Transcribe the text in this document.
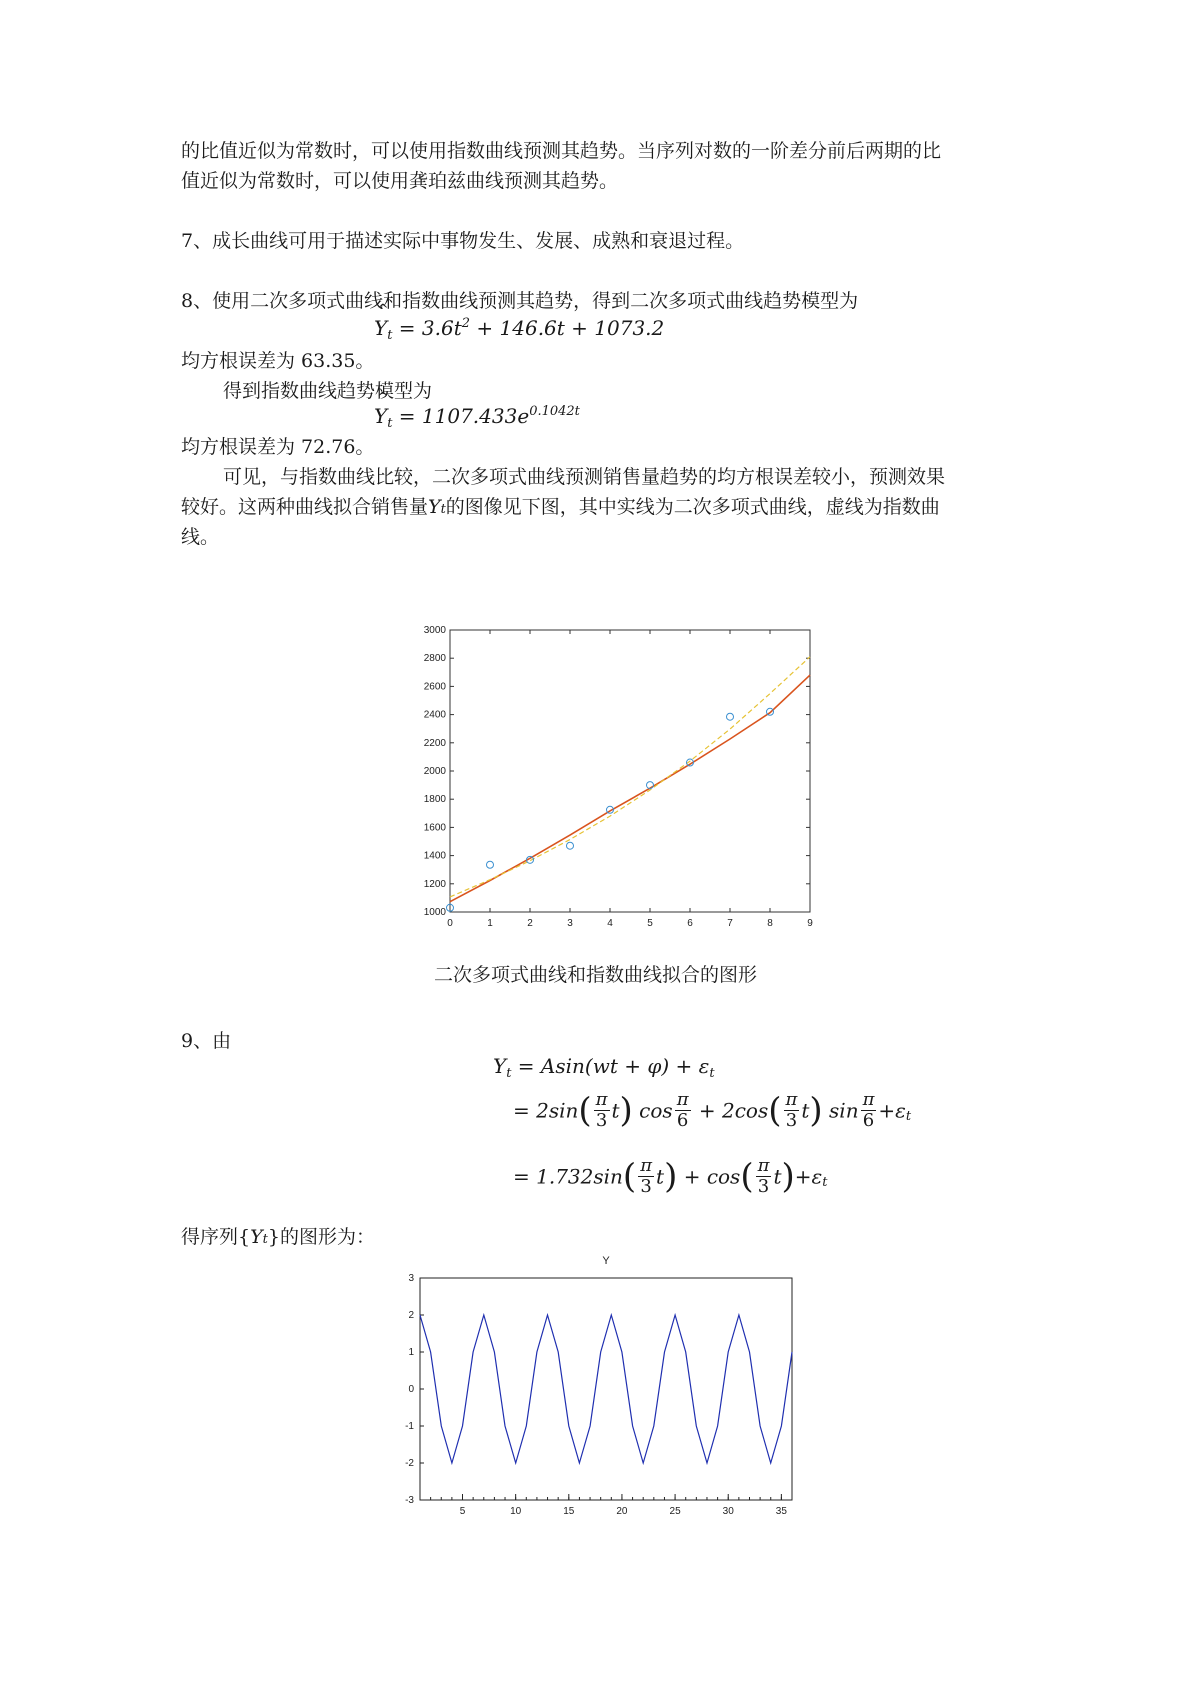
的比值近似为常数时，可以使用指数曲线预测其趋势。当序列对数的一阶差分前后两期的比

值近似为常数时，可以使用龚珀兹曲线预测其趋势。

7、成长曲线可用于描述实际中事物发生、发展、成熟和衰退过程。

8、使用二次多项式曲线和指数曲线预测其趋势，得到二次多项式曲线趋势模型为

^ $Y_t = 3.6t^2 + 146.6t + 1073.2$

均方根误差为 63.35。

得到指数曲线趋势模型为

^ $Y_t = 1107.433e^{0.1042t}$

均方根误差为 72.76。

可见，与指数曲线比较，二次多项式曲线预测销售量趋势的均方根误差较小，预测效果

较好。这两种曲线拟合销售量Yt的图像见下图，其中实线为二次多项式曲线，虚线为指数曲

线。

0	1	2	3	4	5	6	7	8	9
1000
1200
1400
1600
1800
2000
2200
2400
2600
2800
3000
二次多项式曲线和指数曲线拟合的图形

9、由

$Y_t = Asin(wt + \varphi) + \varepsilon_t$
= $2\sin( \frac{\pi}{3} t)$ $\cos \frac{\pi}{6} + 2\cos( \frac{\pi}{3} t)$ $\sin \frac{\pi}{6} +\varepsilon_t$
= $1.732\sin( \frac{\pi}{3} t) + \cos( \frac{\pi}{3} t)+\varepsilon_t$

得序列{Yt}的图形为：

Y
5	10	15	20	25	30	35
3
2
1
0
-1
-2
-3
